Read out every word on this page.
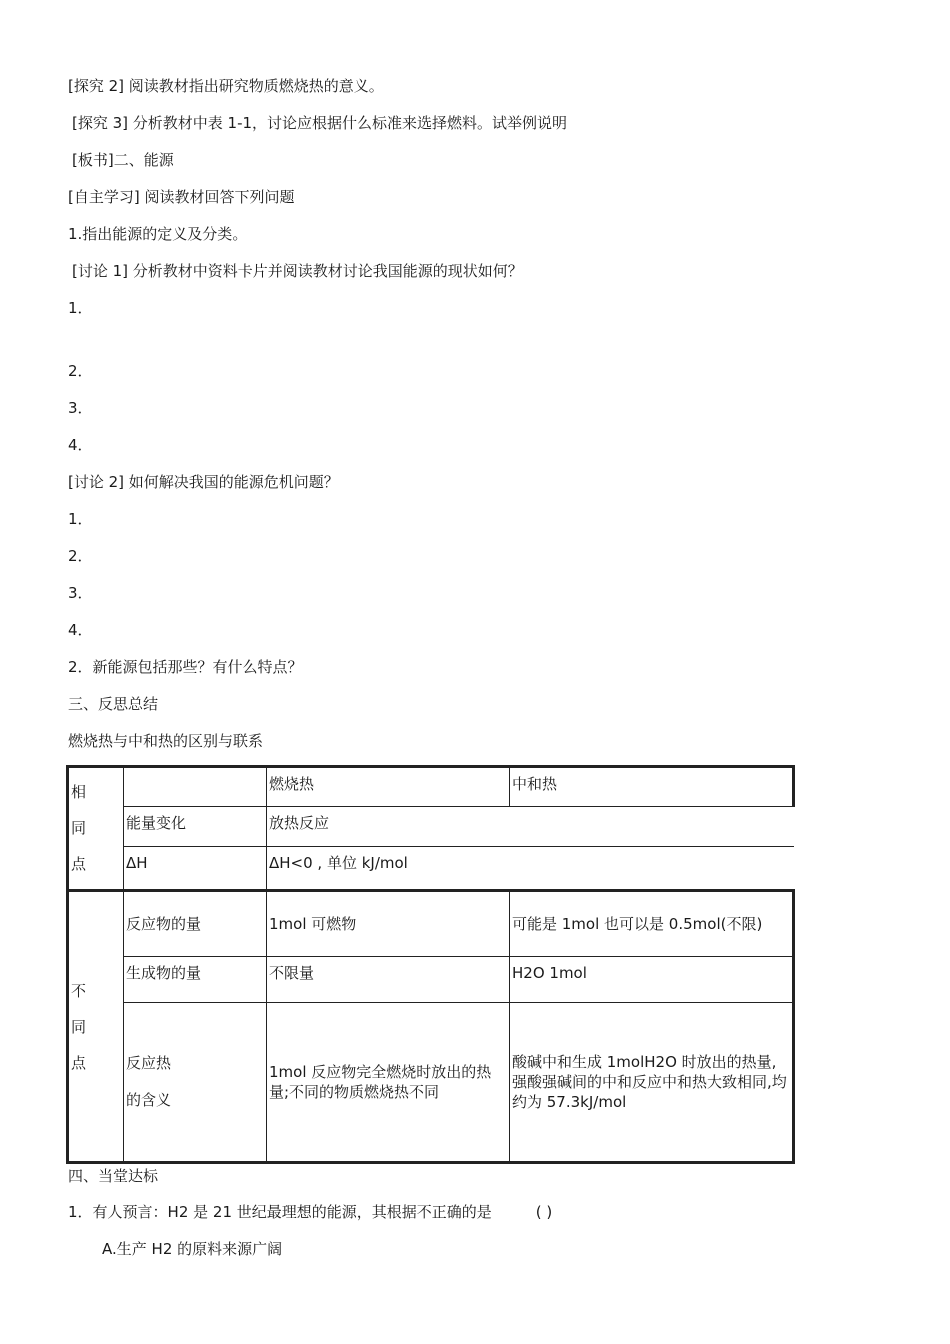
[探究 2] 阅读教材指出研究物质燃烧热的意义。
[探究 3] 分析教材中表 1-1，讨论应根据什么标准来选择燃料。试举例说明
[板书]二、能源
[自主学习] 阅读教材回答下列问题
1.指出能源的定义及分类。
[讨论 1] 分析教材中资料卡片并阅读教材讨论我国能源的现状如何？
1．
2．
3．
4．
[讨论 2] 如何解决我国的能源危机问题？
1．
2．
3．
4．
2．新能源包括那些？有什么特点？
三、反思总结
燃烧热与中和热的区别与联系
相
同
点		燃烧热	中和热
	能量变化	放热反应	
	ΔH	ΔH<0 , 单位 kJ/mol	

不
同
点	反应物的量	1mol 可燃物	可能是 1mol 也可以是 0.5mol(不限)
	生成物的量	不限量	H2O 1mol

	反应热
的含义	1mol 反应物完全燃烧时放出的热量;不同的物质燃烧热不同	酸碱中和生成 1molH2O 时放出的热量,强酸强碱间的中和反应中和热大致相同,均约为 57.3kJ/mol
四、当堂达标
1．有人预言：H2 是 21 世纪最理想的能源，其根据不正确的是	( )
A.生产 H2 的原料来源广阔
